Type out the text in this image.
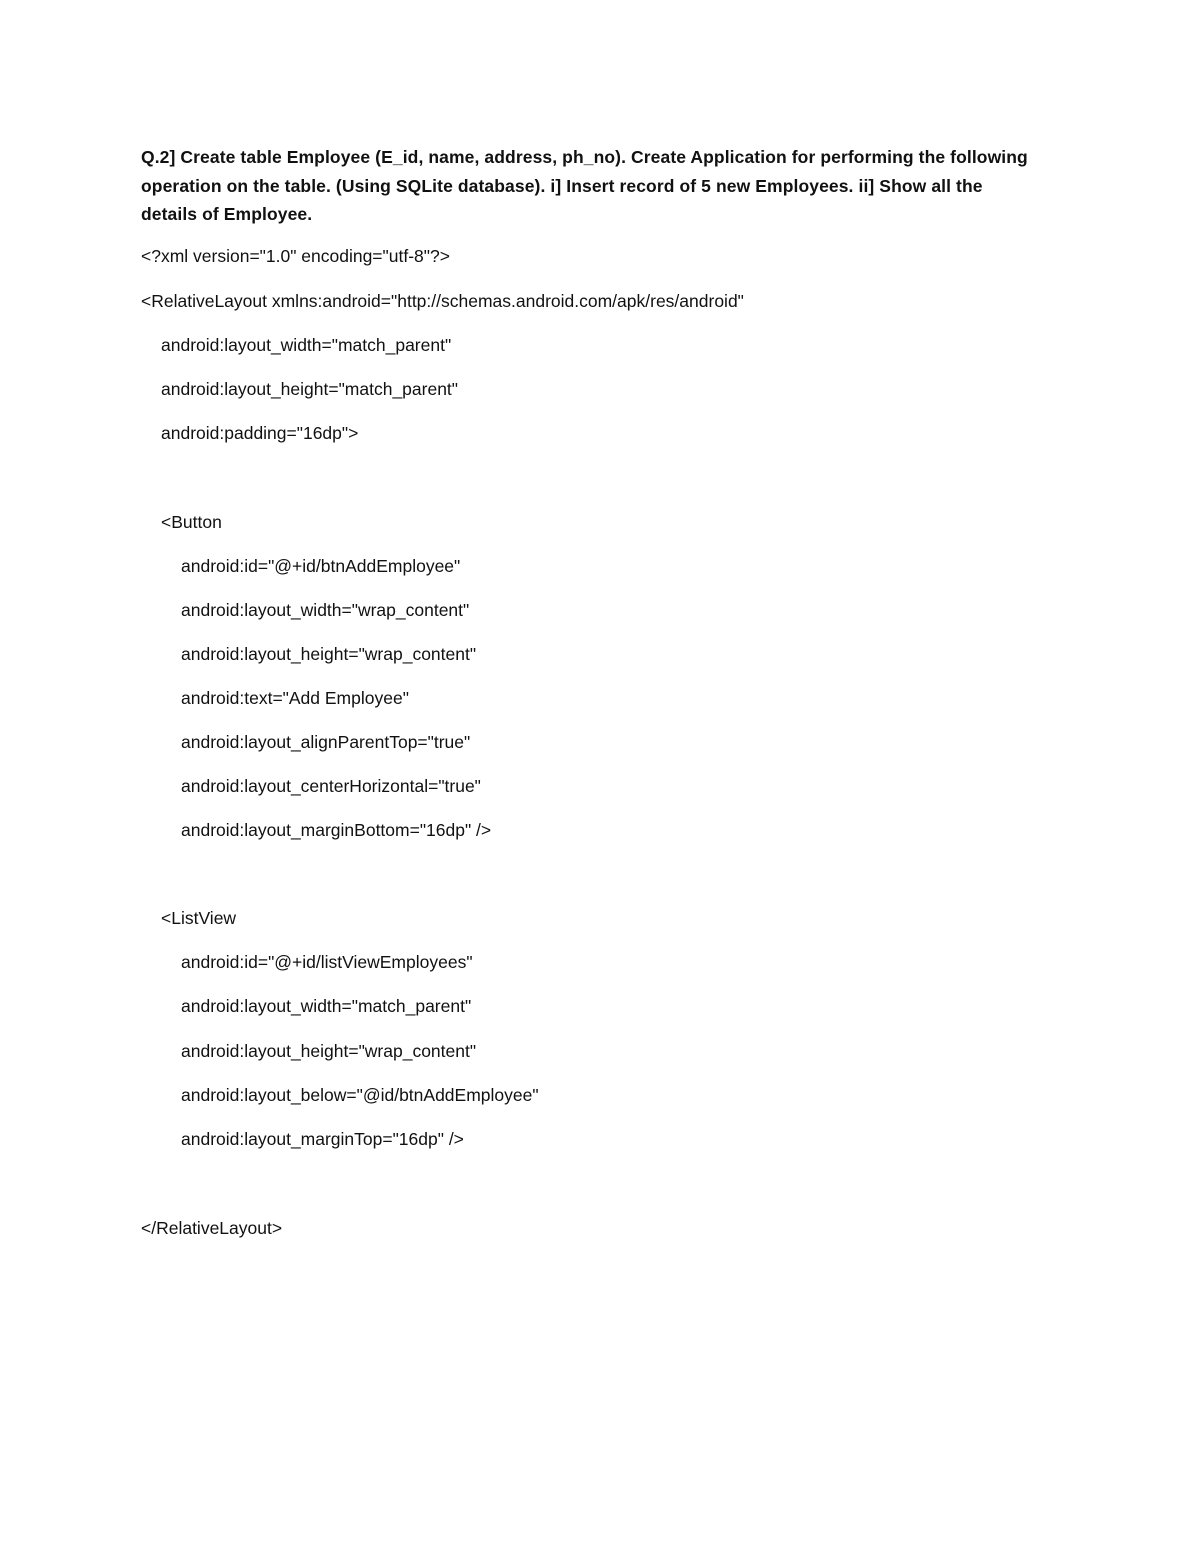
Q.2] Create table Employee (E_id, name, address, ph_no). Create Application for performing the following operation on the table. (Using SQLite database). i] Insert record of 5 new Employees. ii] Show all the details of Employee.
<?xml version="1.0" encoding="utf-8"?>
<RelativeLayout xmlns:android="http://schemas.android.com/apk/res/android"
android:layout_width="match_parent"
android:layout_height="match_parent"
android:padding="16dp">
<Button
android:id="@+id/btnAddEmployee"
android:layout_width="wrap_content"
android:layout_height="wrap_content"
android:text="Add Employee"
android:layout_alignParentTop="true"
android:layout_centerHorizontal="true"
android:layout_marginBottom="16dp" />
<ListView
android:id="@+id/listViewEmployees"
android:layout_width="match_parent"
android:layout_height="wrap_content"
android:layout_below="@id/btnAddEmployee"
android:layout_marginTop="16dp" />
</RelativeLayout>
